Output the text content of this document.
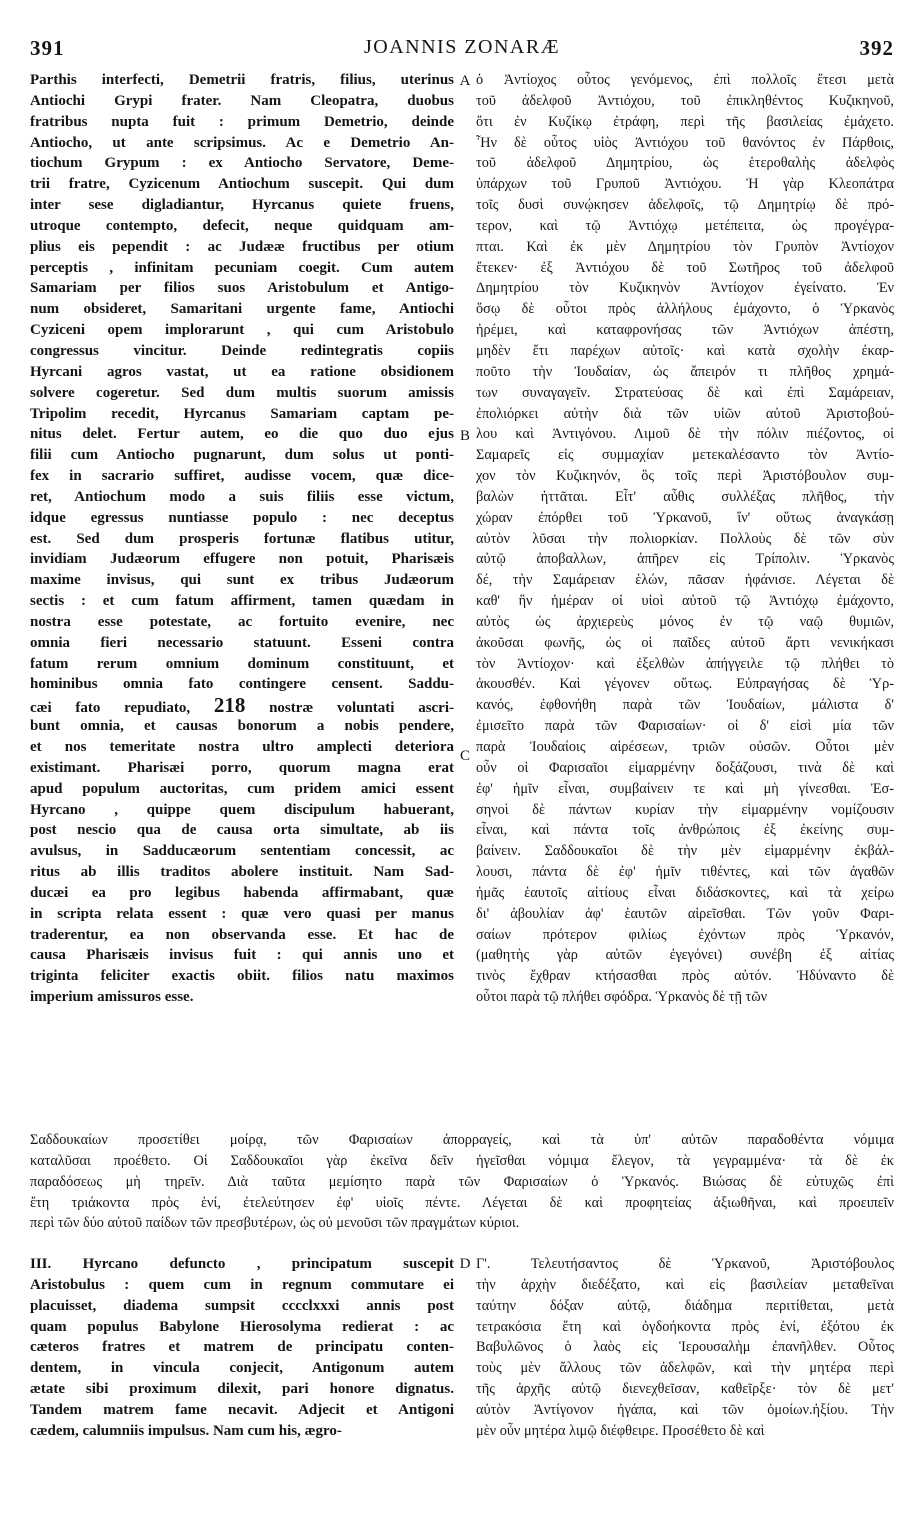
391	JOANNIS ZONARÆ	392
A
B
C
D
Parthis interfecti, Demetrii fratris, filius, uterinus
Antiochi Grypi frater. Nam Cleopatra, duobus
fratribus nupta fuit : primum Demetrio, deinde
Antiocho, ut ante scripsimus. Ac e Demetrio An-
tiochum Grypum : ex Antiocho Servatore, Deme-
trii fratre, Cyzicenum Antiochum suscepit. Qui dum
inter sese digladiantur, Hyrcanus quiete fruens,
utroque contempto, defecit, neque quidquam am-
plius eis pependit : ac Judææ fructibus per otium
perceptis , infinitam pecuniam coegit. Cum autem
Samariam per filios suos Aristobulum et Antigo-
num obsideret, Samaritani urgente fame, Antiochi
Cyziceni opem implorarunt , qui cum Aristobulo
congressus vincitur. Deinde redintegratis copiis
Hyrcani agros vastat, ut ea ratione obsidionem
solvere cogeretur. Sed dum multis suorum amissis
Tripolim recedit, Hyrcanus Samariam captam pe-
nitus delet. Fertur autem, eo die quo duo ejus
filii cum Antiocho pugnarunt, dum solus ut ponti-
fex in sacrario suffiret, audisse vocem, quæ dice-
ret, Antiochum modo a suis filiis esse victum,
idque egressus nuntiasse populo : nec deceptus
est. Sed dum prosperis fortunæ flatibus utitur,
invidiam Judæorum effugere non potuit, Pharisæis
maxime invisus, qui sunt ex tribus Judæorum
sectis : et cum fatum affirment, tamen quædam in
nostra esse potestate, ac fortuito evenire, nec
omnia fieri necessario statuunt. Esseni contra
fatum rerum omnium dominum constituunt, et
hominibus omnia fato contingere censent. Saddu-
cæi fato repudiato, 218 nostræ voluntati ascri-
bunt omnia, et causas bonorum a nobis pendere,
et nos temeritate nostra ultro amplecti deteriora
existimant. Pharisæi porro, quorum magna erat
apud populum auctoritas, cum pridem amici essent
Hyrcano , quippe quem discipulum habuerant,
post nescio qua de causa orta simultate, ab iis
avulsus, in Sadducæorum sententiam concessit, ac
ritus ab illis traditos abolere instituit. Nam Sad-
ducæi ea pro legibus habenda affirmabant, quæ
in scripta relata essent : quæ vero quasi per manus
traderentur, ea non observanda esse. Et hac de
causa Pharisæis invisus fuit : qui annis uno et
triginta feliciter exactis obiit. filios natu maximos
imperium amissuros esse.
ὁ Ἀντίοχος οὗτος γενόμενος, ἐπὶ πολλοῖς ἔτεσι μετὰ
τοῦ ἀδελφοῦ Ἀντιόχου, τοῦ ἐπικληθέντος Κυζικηνοῦ,
ὅτι ἐν Κυζίκῳ ἐτράφη, περὶ τῆς βασιλείας ἐμάχετο.
Ἦν δὲ οὗτος υἱὸς Ἀντιόχου τοῦ θανόντος ἐν Πάρθοις,
τοῦ ἀδελφοῦ Δημητρίου, ὡς ἑτεροθαλὴς ἀδελφὸς
ὑπάρχων τοῦ Γρυποῦ Ἀντιόχου. Ἡ γὰρ Κλεοπάτρα
τοῖς δυσὶ συνῴκησεν ἀδελφοῖς, τῷ Δημητρίῳ δὲ πρό-
τερον, καὶ τῷ Ἀντιόχῳ μετέπειτα, ὡς προγέγρα-
πται. Καὶ ἐκ μὲν Δημητρίου τὸν Γρυπὸν Ἀντίοχον
ἔτεκεν· ἐξ Ἀντιόχου δὲ τοῦ Σωτῆρος τοῦ ἀδελφοῦ
Δημητρίου τὸν Κυζικηνὸν Ἀντίοχον ἐγείνατο. Ἐν
ὅσῳ δὲ οὗτοι πρὸς ἀλλήλους ἐμάχοντο, ὁ Ὑρκανὸς
ἠρέμει, καὶ καταφρονήσας τῶν Ἀντιόχων ἀπέστη,
μηδὲν ἔτι παρέχων αὐτοῖς· καὶ κατὰ σχολὴν ἐκαρ-
ποῦτο τὴν Ἰουδαίαν, ὡς ἄπειρόν τι πλῆθος χρημά-
των συναγαγεῖν. Στρατεύσας δὲ καὶ ἐπὶ Σαμάρειαν,
ἐπολιόρκει αὐτὴν διὰ τῶν υἱῶν αὐτοῦ Ἀριστοβού-
λου καὶ Ἀντιγόνου. Λιμοῦ δὲ τὴν πόλιν πιέζοντος, οἱ
Σαμαρεῖς εἰς συμμαχίαν μετεκαλέσαντο τὸν Ἀντίο-
χον τὸν Κυζικηνόν, ὃς τοῖς περὶ Ἀριστόβουλον συμ-
βαλὼν ἡττᾶται. Εἶτ' αὖθις συλλέξας πλῆθος, τὴν
χώραν ἐπόρθει τοῦ Ὑρκανοῦ, ἵν' οὕτως ἀναγκάσῃ
αὐτὸν λῦσαι τὴν πολιορκίαν. Πολλοὺς δὲ τῶν σὺν
αὐτῷ ἀποβαλλων, ἀπῆρεν εἰς Τρίπολιν. Ὑρκανὸς
δέ, τὴν Σαμάρειαν ἑλών, πᾶσαν ἠφάνισε. Λέγεται δὲ
καθ' ἣν ἡμέραν οἱ υἱοὶ αὐτοῦ τῷ Ἀντιόχῳ ἐμάχοντο,
αὐτὸς ὡς ἀρχιερεὺς μόνος ἐν τῷ ναῷ θυμιῶν,
ἀκοῦσαι φωνῆς, ὡς οἱ παῖδες αὐτοῦ ἄρτι νενικήκασι
τὸν Ἀντίοχον· καὶ ἐξελθὼν ἀπήγγειλε τῷ πλήθει τὸ
ἀκουσθέν. Καὶ γέγονεν οὕτως. Εὐπραγήσας δὲ Ὑρ-
κανός, ἐφθονήθη παρὰ τῶν Ἰουδαίων, μάλιστα δ'
ἐμισεῖτο παρὰ τῶν Φαρισαίων· οἱ δ' εἰσὶ μία τῶν
παρὰ Ἰουδαίοις αἱρέσεων, τριῶν οὐσῶν. Οὗτοι μὲν
οὖν οἱ Φαρισαῖοι εἱμαρμένην δοξάζουσι, τινὰ δὲ καὶ
ἐφ' ἡμῖν εἶναι, συμβαίνειν τε καὶ μὴ γίνεσθαι. Ἐσ-
σηνοὶ δὲ πάντων κυρίαν τὴν εἱμαρμένην νομίζουσιν
εἶναι, καὶ πάντα τοῖς ἀνθρώποις ἐξ ἐκείνης συμ-
βαίνειν. Σαδδουκαῖοι δὲ τὴν μὲν εἱμαρμένην ἐκβάλ-
λουσι, πάντα δὲ ἐφ' ἡμῖν τιθέντες, καὶ τῶν ἀγαθῶν
ἡμᾶς ἑαυτοῖς αἰτίους εἶναι διδάσκοντες, καὶ τὰ χείρω
δι' ἀβουλίαν ἀφ' ἑαυτῶν αἱρεῖσθαι. Τῶν γοῦν Φαρι-
σαίων πρότερον φιλίως ἐχόντων πρὸς Ὑρκανόν,
(μαθητὴς γὰρ αὐτῶν ἐγεγόνει) συνέβη ἐξ αἰτίας
τινὸς ἔχθραν κτήσασθαι πρὸς αὐτόν. Ἠδύναντο δὲ
οὗτοι παρὰ τῷ πλήθει σφόδρα. Ὑρκανὸς δὲ τῇ τῶν
Σαδδουκαίων προσετίθει μοίρᾳ, τῶν Φαρισαίων ἀπορραγείς, καὶ τὰ ὑπ' αὐτῶν παραδοθέντα νόμιμα
καταλῦσαι προέθετο. Οἱ Σαδδουκαῖοι γὰρ ἐκεῖνα δεῖν ἡγεῖσθαι νόμιμα ἔλεγον, τὰ γεγραμμένα· τὰ δὲ ἐκ
παραδόσεως μὴ τηρεῖν. Διὰ ταῦτα μεμίσητο παρὰ τῶν Φαρισαίων ὁ Ὑρκανός. Βιώσας δὲ εὐτυχῶς ἐπὶ
ἔτη τριάκοντα πρὸς ἑνί, ἐτελεύτησεν ἐφ' υἱοῖς πέντε. Λέγεται δὲ καὶ προφητείας ἀξιωθῆναι, καὶ προειπεῖν
περὶ τῶν δύο αὐτοῦ παίδων τῶν πρεσβυτέρων, ὡς οὐ μενοῦσι τῶν πραγμάτων κύριοι.
III. Hyrcano defuncto , principatum suscepit
Aristobulus : quem cum in regnum commutare ei
placuisset, diadema sumpsit cccclxxxi annis post
quam populus Babylone Hierosolyma redierat : ac
cæteros fratres et matrem de principatu conten-
dentem, in vincula conjecit, Antigonum autem
ætate sibi proximum dilexit, pari honore dignatus.
Tandem matrem fame necavit. Adjecit et Antigoni
cædem, calumniis impulsus. Nam cum his, ægro-
Γ'. Τελευτήσαντος δὲ Ὑρκανοῦ, Ἀριστόβουλος
τὴν ἀρχὴν διεδέξατο, καὶ εἰς βασιλείαν μεταθεῖναι
ταύτην δόξαν αὐτῷ, διάδημα περιτίθεται, μετὰ
τετρακόσια ἔτη καὶ ὀγδοήκοντα πρὸς ἑνί, ἐξότου ἐκ
Βαβυλῶνος ὁ λαὸς εἰς Ἱερουσαλὴμ ἐπανῆλθεν. Οὗτος
τοὺς μὲν ἄλλους τῶν ἀδελφῶν, καὶ τὴν μητέρα περὶ
τῆς ἀρχῆς αὐτῷ διενεχθεῖσαν, καθεῖρξε· τὸν δὲ μετ'
αὐτὸν Ἀντίγονον ἠγάπα, καὶ τῶν ὁμοίων.ἠξίου. Τὴν
μὲν οὖν μητέρα λιμῷ διέφθειρε. Προσέθετο δὲ καὶ
